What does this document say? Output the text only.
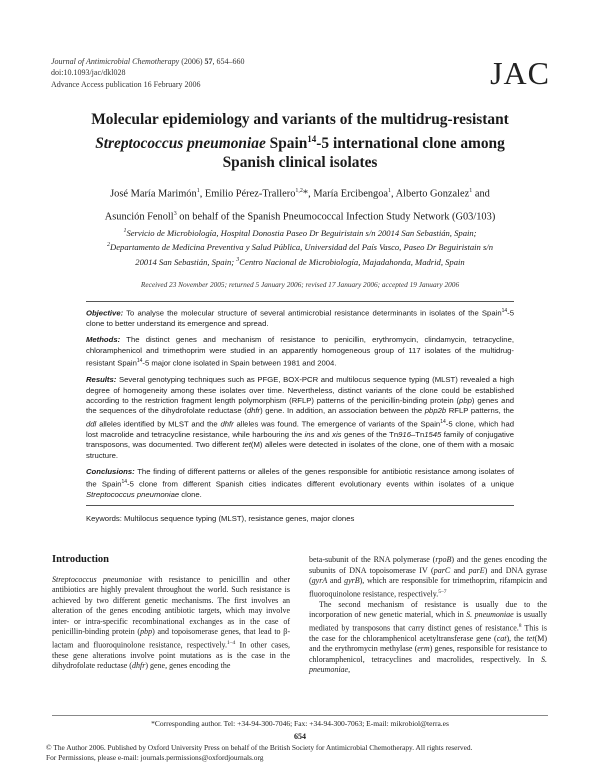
Journal of Antimicrobial Chemotherapy (2006) 57, 654–660
doi:10.1093/jac/dkl028
Advance Access publication 16 February 2006	JAC
Molecular epidemiology and variants of the multidrug-resistant
Streptococcus pneumoniae Spain$^{14}$-5 international clone among
Spanish clinical isolates
José María Marimón$^1$, Emilio Pérez-Trallero$^{1,2}$*, María Ercibengoa$^1$, Alberto Gonzalez$^1$ and
Asunción Fenoll$^3$ on behalf of the Spanish Pneumococcal Infection Study Network (G03/103)
$^1$Servicio de Microbiología, Hospital Donostia Paseo Dr Beguiristain s/n 20014 San Sebastián, Spain;
$^2$Departamento de Medicina Preventiva y Salud Pública, Universidad del País Vasco, Paseo Dr Beguiristain s/n
20014 San Sebastián, Spain; $^3$Centro Nacional de Microbiología, Majadahonda, Madrid, Spain
Received 23 November 2005; returned 5 January 2006; revised 17 January 2006; accepted 19 January 2006

Objective: To analyse the molecular structure of several antimicrobial resistance determinants in isolates of the Spain$^{14}$-5 clone to better understand its emergence and spread.

Methods: The distinct genes and mechanism of resistance to penicillin, erythromycin, clindamycin, tetracycline, chloramphenicol and trimethoprim were studied in an apparently homogeneous group of 117 isolates of the multidrug-resistant Spain$^{14}$-5 major clone isolated in Spain between 1981 and 2004.

Results: Several genotyping techniques such as PFGE, BOX-PCR and multilocus sequence typing (MLST) revealed a high degree of homogeneity among these isolates over time. Nevertheless, distinct variants of the clone could be established according to the restriction fragment length polymorphism (RFLP) patterns of the penicillin-binding protein (pbp) genes and the sequences of the dihydrofolate reductase (dhfr) gene. In addition, an association between the pbp2b RFLP patterns, the ddl alleles identified by MLST and the dhfr alleles was found. The emergence of variants of the Spain$^{14}$-5 clone, which had lost macrolide and tetracycline resistance, while harbouring the ins and xis genes of the Tn916–Tn1545 family of conjugative transposons, was documented. Two different tet(M) alleles were detected in isolates of the clone, one of them with a mosaic structure.

Conclusions: The finding of different patterns or alleles of the genes responsible for antibiotic resistance among isolates of the Spain$^{14}$-5 clone from different Spanish cities indicates different evolutionary events within isolates of a unique Streptococcus pneumoniae clone.

Keywords: Multilocus sequence typing (MLST), resistance genes, major clones
Introduction

Streptococcus pneumoniae with resistance to penicillin and other antibiotics are highly prevalent throughout the world. Such resistance is achieved by two different genetic mechanisms. The first involves an alteration of the genes encoding antibiotic targets, which may involve inter- or intra-specific recombinational exchanges as in the case of penicillin-binding protein (pbp) and topoisomerase genes, that lead to β-lactam and fluoroquinolone resistance, respectively.$^{1-4}$ In other cases, these gene alterations involve point mutations as is the case in the dihydrofolate reductase (dhfr) gene, genes encoding the

beta-subunit of the RNA polymerase (rpoB) and the genes encoding the subunits of DNA topoisomerase IV (parC and parE) and DNA gyrase (gyrA and gyrB), which are responsible for trimethoprim, rifampicin and fluoroquinolone resistance, respectively.$^{5-7}$

The second mechanism of resistance is usually due to the incorporation of new genetic material, which in S. pneumoniae is usually mediated by transposons that carry distinct genes of resistance.$^8$ This is the case for the chloramphenicol acetyltransferase gene (cat), the tet(M) and the erythromycin methylase (erm) genes, responsible for resistance to chloramphenicol, tetracyclines and macrolides, respectively. In S. pneumoniae,

*Corresponding author. Tel: +34-94-300-7046; Fax: +34-94-300-7063; E-mail: mikrobiol@terra.es
654
© The Author 2006. Published by Oxford University Press on behalf of the British Society for Antimicrobial Chemotherapy. All rights reserved.
For Permissions, please e-mail: journals.permissions@oxfordjournals.org
